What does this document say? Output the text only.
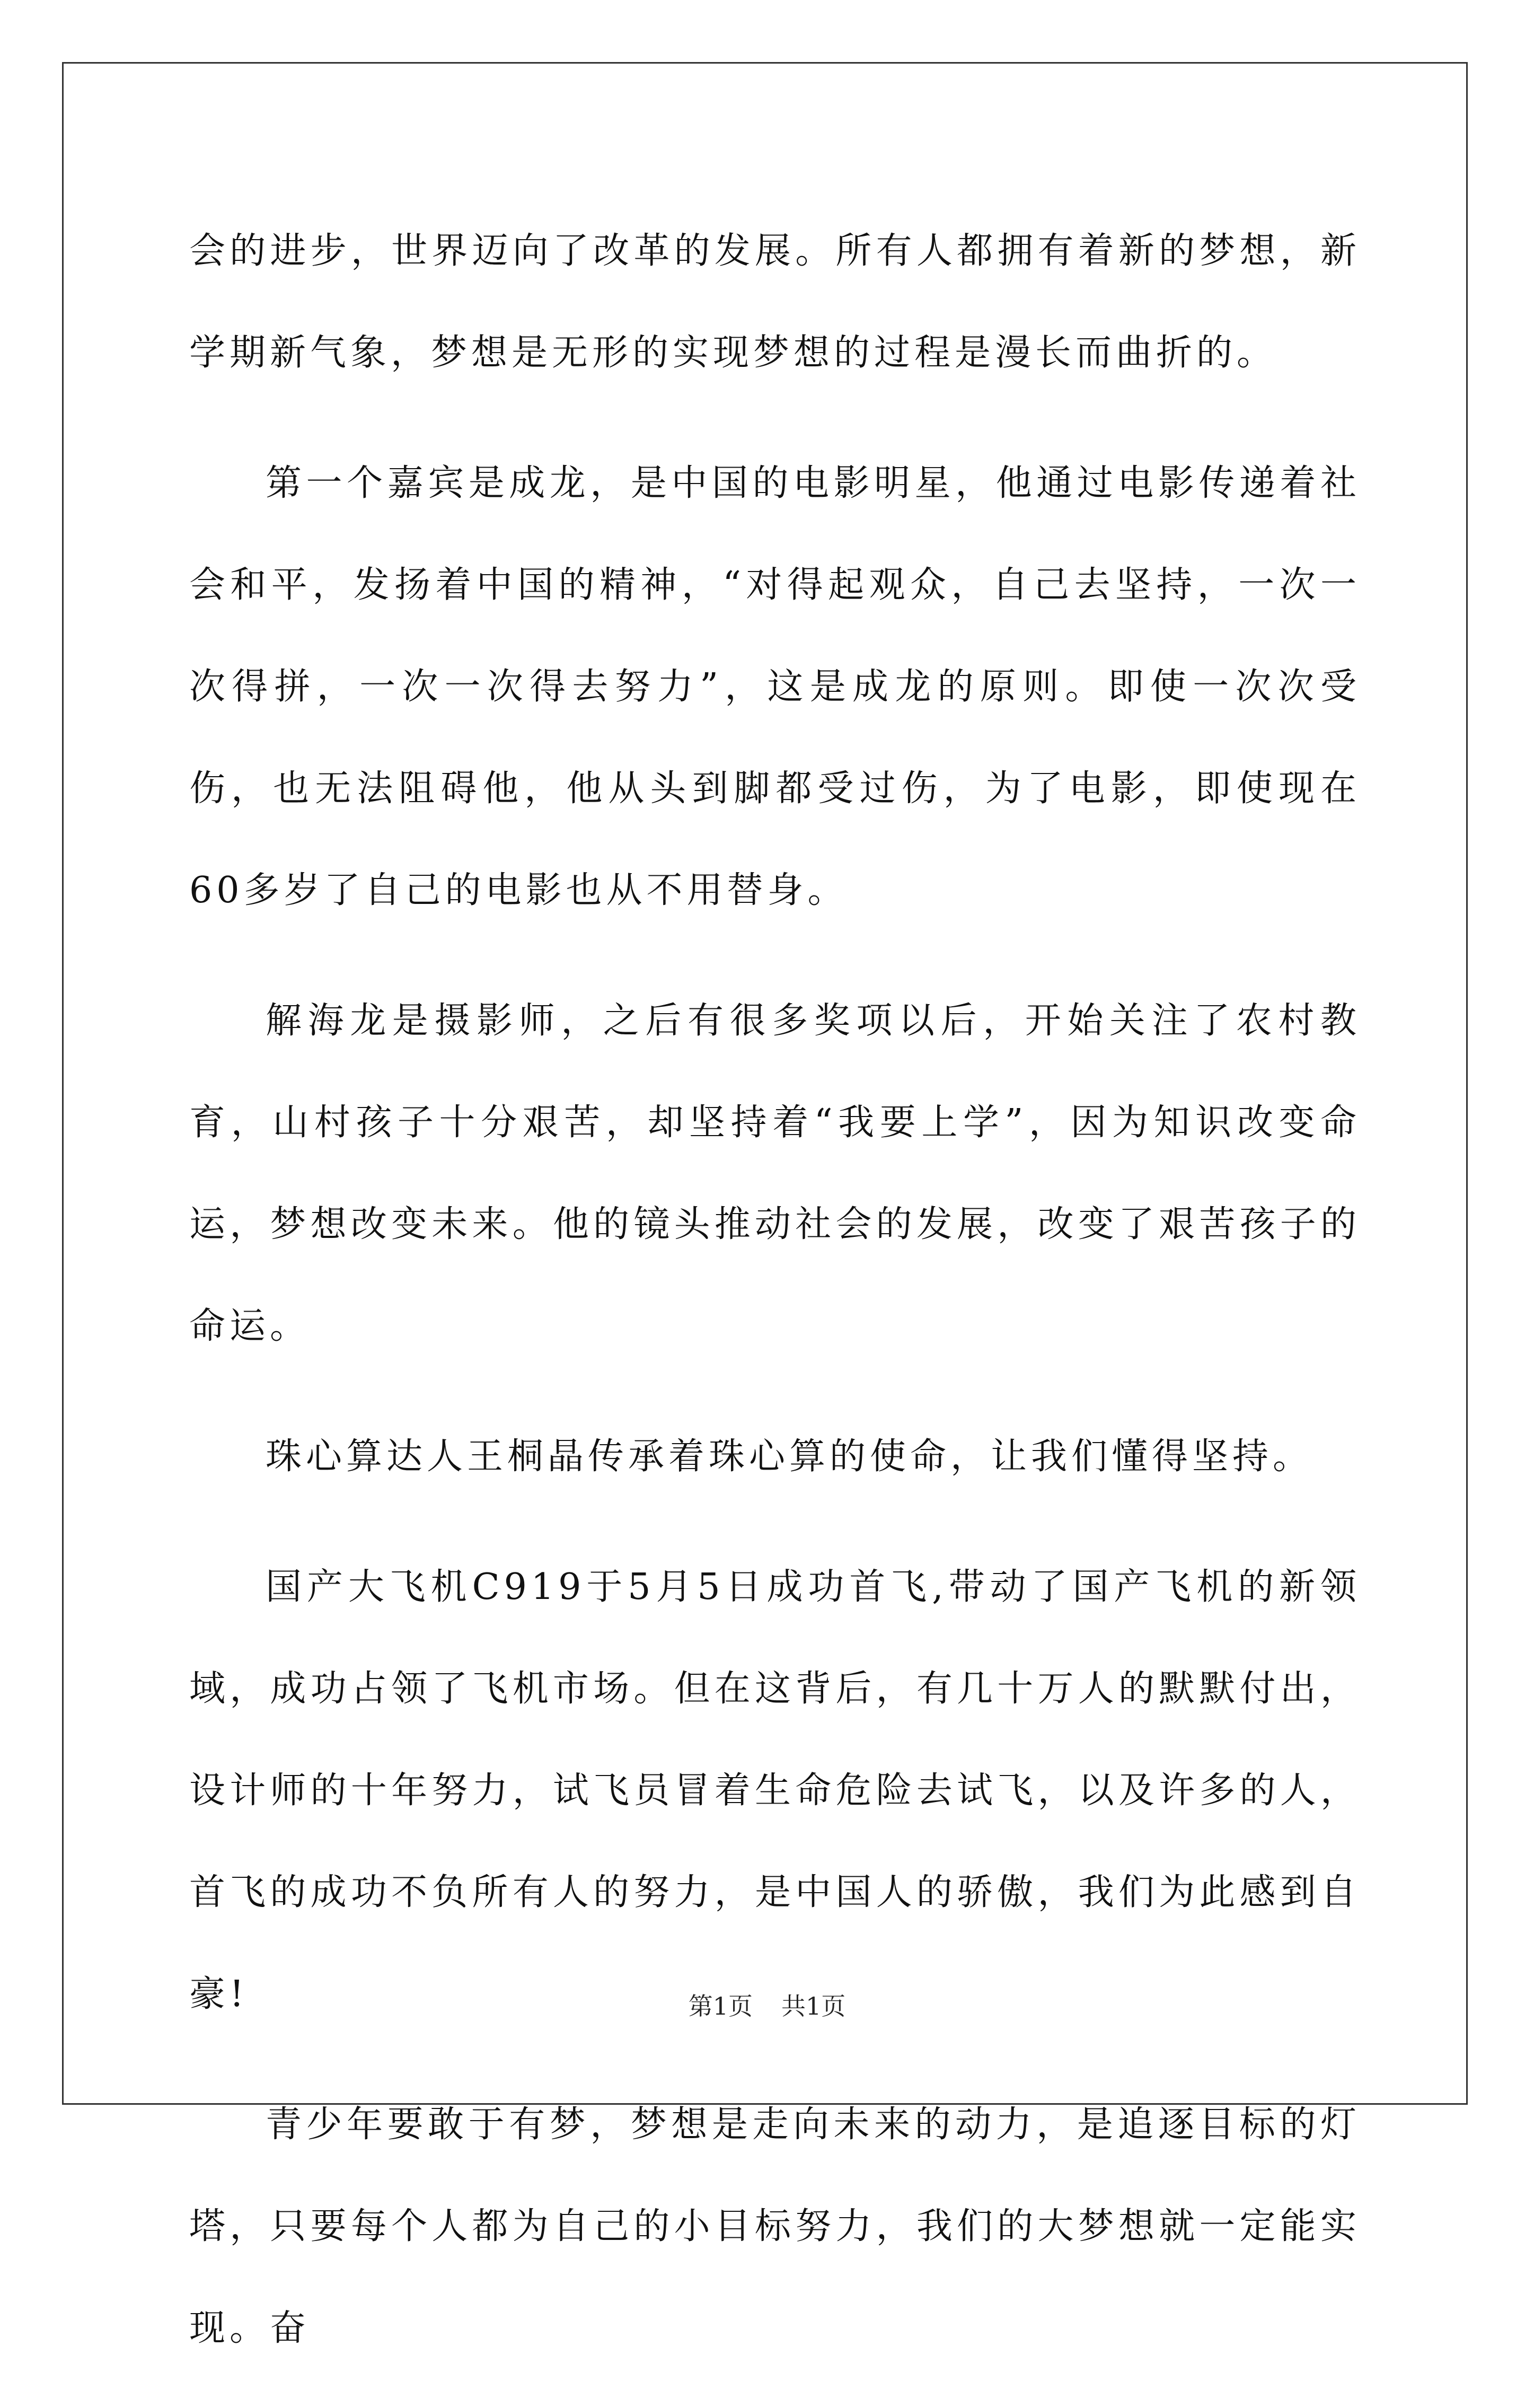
会的进步，世界迈向了改革的发展。所有人都拥有着新的梦想，新学期新气象，梦想是无形的实现梦想的过程是漫长而曲折的。

第一个嘉宾是成龙，是中国的电影明星，他通过电影传递着社会和平，发扬着中国的精神，“对得起观众，自己去坚持，一次一次得拼，一次一次得去努力”，这是成龙的原则。即使一次次受伤，也无法阻碍他，他从头到脚都受过伤，为了电影，即使现在60多岁了自己的电影也从不用替身。

解海龙是摄影师，之后有很多奖项以后，开始关注了农村教育，山村孩子十分艰苦，却坚持着“我要上学”，因为知识改变命运，梦想改变未来。他的镜头推动社会的发展，改变了艰苦孩子的命运。

珠心算达人王桐晶传承着珠心算的使命，让我们懂得坚持。

国产大飞机C919于5月5日成功首飞,带动了国产飞机的新领域，成功占领了飞机市场。但在这背后，有几十万人的默默付出，设计师的十年努力，试飞员冒着生命危险去试飞，以及许多的人，首飞的成功不负所有人的努力，是中国人的骄傲，我们为此感到自豪!

青少年要敢于有梦，梦想是走向未来的动力，是追逐目标的灯塔，只要每个人都为自己的小目标努力，我们的大梦想就一定能实现。奋

第1页 共1页
